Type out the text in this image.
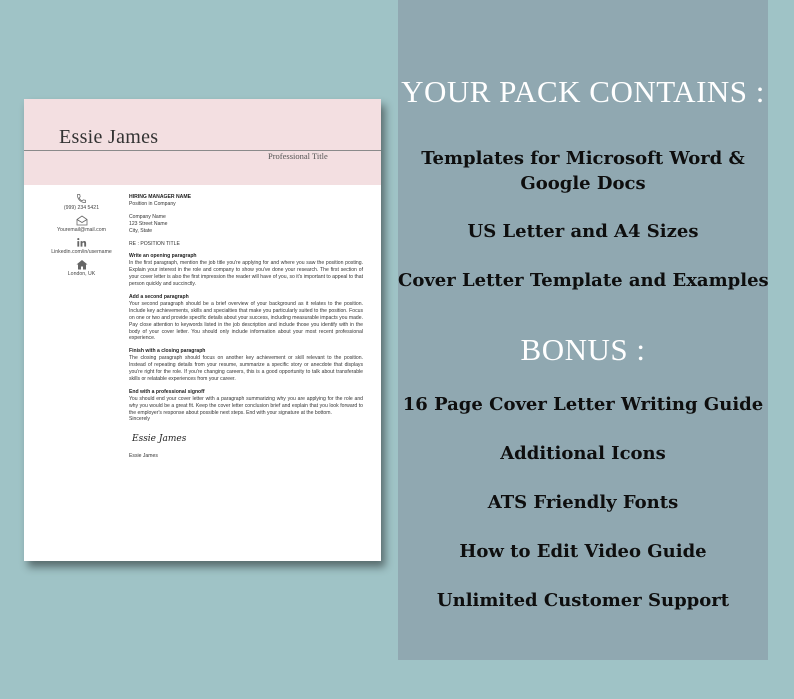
Essie James
Professional Title
(999) 234 5421
Youremail@mail.com
Linkedin.com/in/username
London, UK
HIRING MANAGER NAME
Position in Company
Company Name
123 Street Name
City, State
RE : POSITION TITLE
Write an opening paragraph

In the first paragraph, mention the job title you're applying for and where you saw the position posting. Explain your interest in the role and company to show you've done your research. The first section of your cover letter is also the first impression the reader will have of you, so it's important to appeal to that person quickly and succinctly.

Add a second paragraph

Your second paragraph should be a brief overview of your background as it relates to the position. Include key achievements, skills and specialties that make you particularly suited to the position. Focus on one or two and provide specific details about your success, including measurable impacts you made. Pay close attention to keywords listed in the job description and include those you identify with in the body of your cover letter. You should only include information about your most recent professional experience.

Finish with a closing paragraph

The closing paragraph should focus on another key achievement or skill relevant to the position. Instead of repeating details from your resume, summarize a specific story or anecdote that displays you're right for the role. If you're changing careers, this is a good opportunity to talk about transferable skills or relatable experiences from your career.

End with a professional signoff

You should end your cover letter with a paragraph summarizing why you are applying for the role and why you would be a great fit. Keep the cover letter conclusion brief and explain that you look forward to the employer's response about possible next steps. End with your signature at the bottom.

Sincerely
Essie James
Essie James
YOUR PACK CONTAINS :
Templates for Microsoft Word &
Google Docs
US Letter and A4 Sizes
Cover Letter Template and Examples
BONUS :
16 Page Cover Letter Writing Guide
Additional Icons
ATS Friendly Fonts
How to Edit Video Guide
Unlimited Customer Support
